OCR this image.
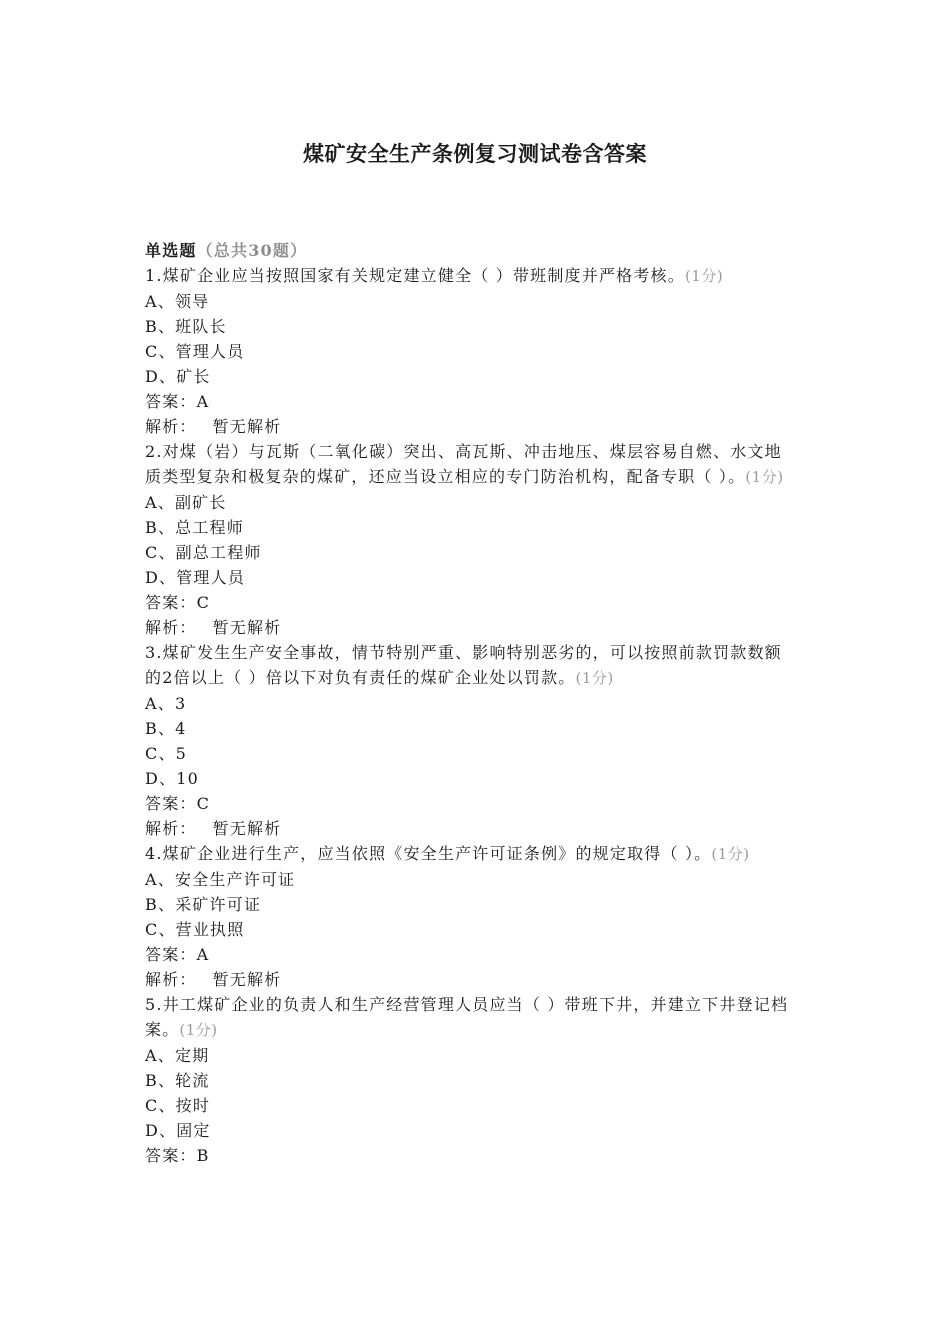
煤矿安全生产条例复习测试卷含答案
单选题（总共30题）
1.煤矿企业应当按照国家有关规定建立健全（ ）带班制度并严格考核。(1分)
A、领导
B、班队长
C、管理人员
D、矿长
答案：A
解析： 暂无解析
2.对煤（岩）与瓦斯（二氧化碳）突出、高瓦斯、冲击地压、煤层容易自燃、水文地质类型复杂和极复杂的煤矿，还应当设立相应的专门防治机构，配备专职（ ）。(1分)
A、副矿长
B、总工程师
C、副总工程师
D、管理人员
答案：C
解析： 暂无解析
3.煤矿发生生产安全事故，情节特别严重、影响特别恶劣的，可以按照前款罚款数额的2倍以上（ ）倍以下对负有责任的煤矿企业处以罚款。(1分)
A、3
B、4
C、5
D、10
答案：C
解析： 暂无解析
4.煤矿企业进行生产，应当依照《安全生产许可证条例》的规定取得（ ）。(1分)
A、安全生产许可证
B、采矿许可证
C、营业执照
答案：A
解析： 暂无解析
5.井工煤矿企业的负责人和生产经营管理人员应当（ ）带班下井，并建立下井登记档案。(1分)
A、定期
B、轮流
C、按时
D、固定
答案：B
